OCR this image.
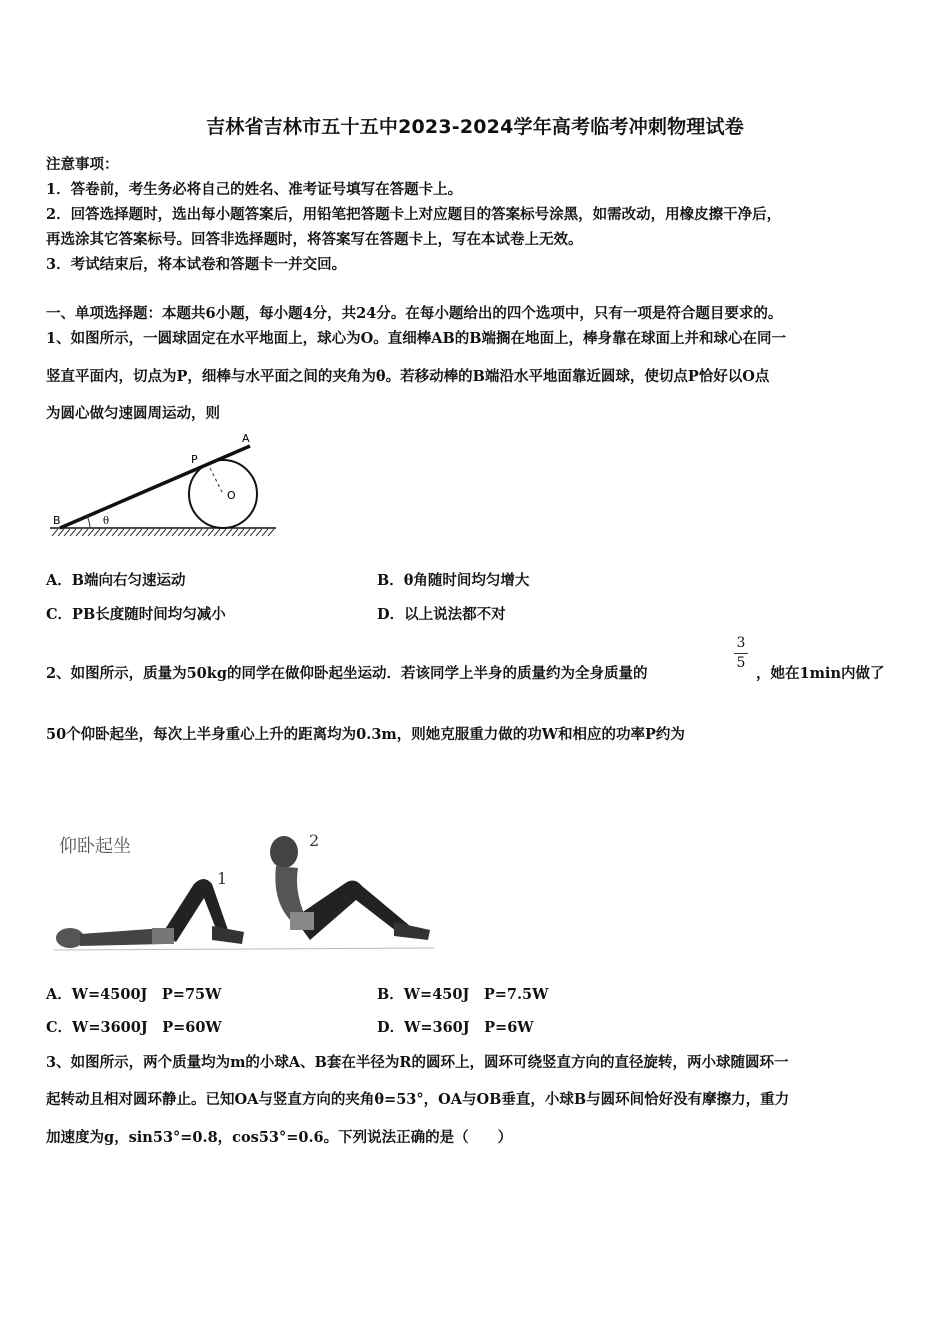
吉林省吉林市五十五中2023-2024学年高考临考冲刺物理试卷
注意事项：
1．答卷前，考生务必将自己的姓名、准考证号填写在答题卡上。
2．回答选择题时，选出每小题答案后，用铅笔把答题卡上对应题目的答案标号涂黑，如需改动，用橡皮擦干净后，
再选涂其它答案标号。回答非选择题时，将答案写在答题卡上，写在本试卷上无效。
3．考试结束后，将本试卷和答题卡一并交回。
一、单项选择题：本题共6小题，每小题4分，共24分。在每小题给出的四个选项中，只有一项是符合题目要求的。
1、如图所示，一圆球固定在水平地面上，球心为O。直细棒AB的B端搁在地面上，棒身靠在球面上并和球心在同一
竖直平面内，切点为P，细棒与水平面之间的夹角为θ。若移动棒的B端沿水平地面靠近圆球，使切点P恰好以O点
为圆心做匀速圆周运动，则
A
P
O
B	θ
A．B端向右匀速运动	B．θ角随时间均匀增大
C．PB长度随时间均匀减小	D．以上说法都不对
2、如图所示，质量为50kg的同学在做仰卧起坐运动．若该同学上半身的质量约为全身质量的
3
5
，她在1min内做了
50个仰卧起坐，每次上半身重心上升的距离均为0.3m，则她克服重力做的功W和相应的功率P约为
仰卧起坐
1
2
A．W=4500J　P=75W	B．W=450J　P=7.5W
C．W=3600J　P=60W	D．W=360J　P=6W
3、如图所示，两个质量均为m的小球A、B套在半径为R的圆环上，圆环可绕竖直方向的直径旋转，两小球随圆环一
起转动且相对圆环静止。已知OA与竖直方向的夹角θ=53°，OA与OB垂直，小球B与圆环间恰好没有摩擦力，重力
加速度为g，sin53°=0.8，cos53°=0.6。下列说法正确的是（　　）
